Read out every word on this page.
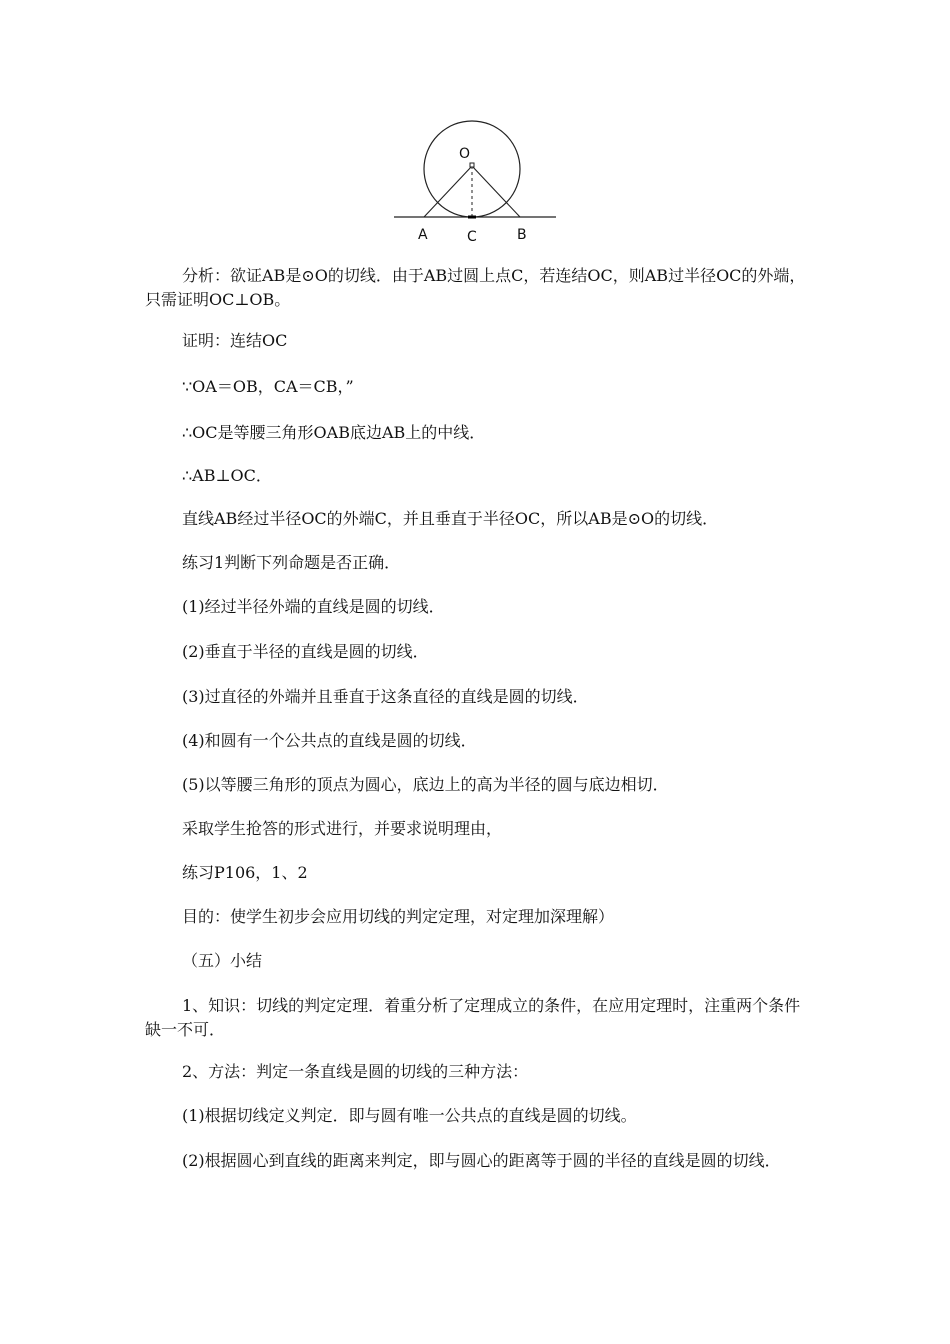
O
A	C	B

分析：欲证AB是⊙O的切线．由于AB过圆上点C，若连结OC，则AB过半径OC的外端，只需证明OC⊥OB。

证明：连结OC

∵OA＝OB，CA＝CB，”

∴OC是等腰三角形OAB底边AB上的中线．

∴AB⊥OC．

直线AB经过半径OC的外端C，并且垂直于半径OC，所以AB是⊙O的切线．

练习1判断下列命题是否正确．

(1)经过半径外端的直线是圆的切线．

(2)垂直于半径的直线是圆的切线．

(3)过直径的外端并且垂直于这条直径的直线是圆的切线．

(4)和圆有一个公共点的直线是圆的切线．

(5)以等腰三角形的顶点为圆心，底边上的高为半径的圆与底边相切．

采取学生抢答的形式进行，并要求说明理由，

练习P106，1、2

目的：使学生初步会应用切线的判定定理，对定理加深理解）

（五）小结

1、知识：切线的判定定理．着重分析了定理成立的条件，在应用定理时，注重两个条件缺一不可．

2、方法：判定一条直线是圆的切线的三种方法：

(1)根据切线定义判定．即与圆有唯一公共点的直线是圆的切线。

(2)根据圆心到直线的距离来判定，即与圆心的距离等于圆的半径的直线是圆的切线．
